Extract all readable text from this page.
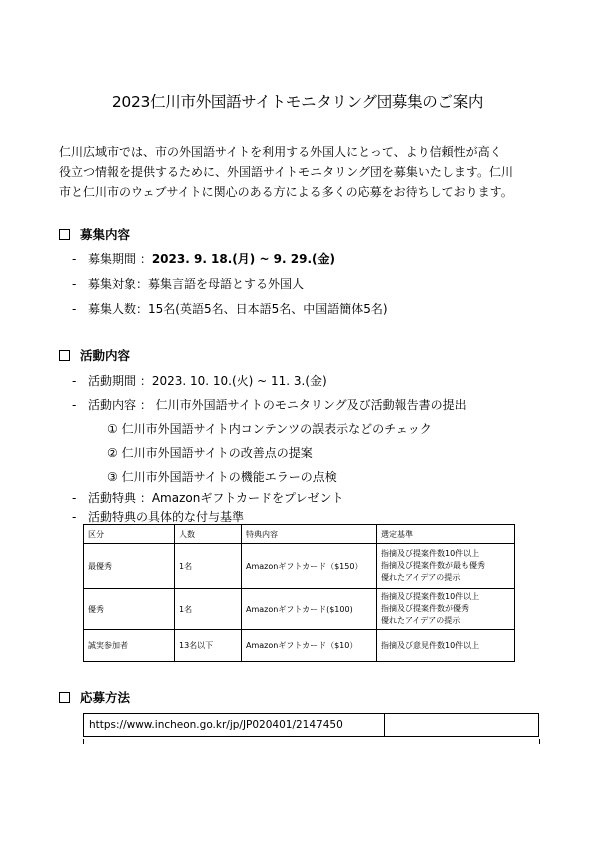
2023仁川市外国語サイトモニタリング団募集のご案内
仁川広域市では、市の外国語サイトを利用する外国人にとって、より信頼性が高く
役立つ情報を提供するために、外国語サイトモニタリング団を募集いたします。仁川
市と仁川市のウェブサイトに関心のある方による多くの応募をお待ちしております。
募集内容
- 募集期間 ：2023. 9. 18.(月) ~ 9. 29.(金)
- 募集対象：募集言語を母語とする外国人
- 募集人数：15名(英語5名、日本語5名、中国語簡体5名)
活動内容
- 活動期間 ：2023. 10. 10.(火) ~ 11. 3.(金)
- 活動内容 ： 仁川市外国語サイトのモニタリング及び活動報告書の提出
① 仁川市外国語サイト内コンテンツの誤表示などのチェック
② 仁川市外国語サイトの改善点の提案
③ 仁川市外国語サイトの機能エラーの点検
- 活動特典 ：Amazonギフトカードをプレゼント
- 活動特典の具体的な付与基準
区分	人数	特典内容	選定基準
最優秀	1名	Amazonギフトカード（$150）	指摘及び提案件数10件以上
指摘及び提案件数が最も優秀
優れたアイデアの提示

優秀	1名	Amazonギフトカード($100)	指摘及び提案件数10件以上
指摘及び提案件数が優秀
優れたアイデアの提示

誠実参加者	13名以下	Amazonギフトカード（$10）	指摘及び意見件数10件以上
応募方法
https://www.incheon.go.kr/jp/JP020401/2147450	
